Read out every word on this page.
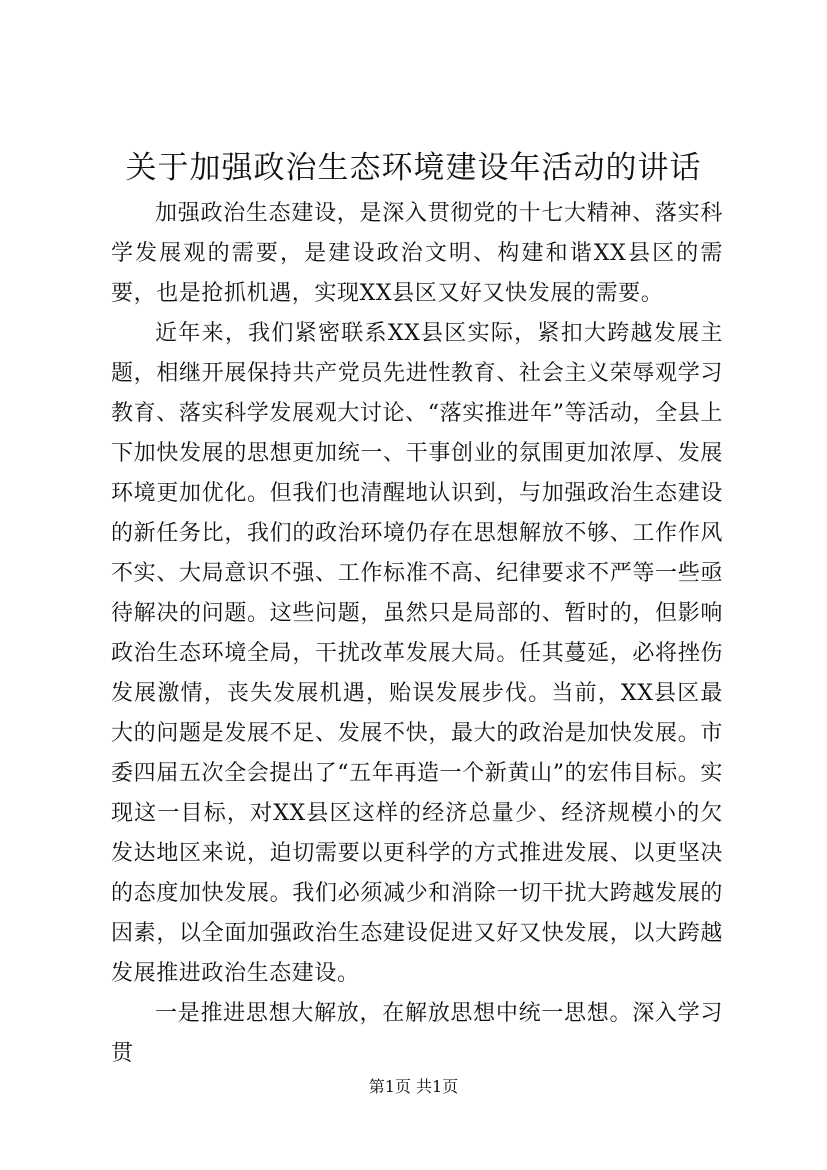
关于加强政治生态环境建设年活动的讲话

加强政治生态建设，是深入贯彻党的十七大精神、落实科学发展观的需要，是建设政治文明、构建和谐XX县区的需要，也是抢抓机遇，实现XX县区又好又快发展的需要。

近年来，我们紧密联系XX县区实际，紧扣大跨越发展主题，相继开展保持共产党员先进性教育、社会主义荣辱观学习教育、落实科学发展观大讨论、“落实推进年”等活动，全县上下加快发展的思想更加统一、干事创业的氛围更加浓厚、发展环境更加优化。但我们也清醒地认识到，与加强政治生态建设的新任务比，我们的政治环境仍存在思想解放不够、工作作风不实、大局意识不强、工作标准不高、纪律要求不严等一些亟待解决的问题。这些问题，虽然只是局部的、暂时的，但影响政治生态环境全局，干扰改革发展大局。任其蔓延，必将挫伤发展激情，丧失发展机遇，贻误发展步伐。当前，XX县区最大的问题是发展不足、发展不快，最大的政治是加快发展。市委四届五次全会提出了“五年再造一个新黄山”的宏伟目标。实现这一目标，对XX县区这样的经济总量少、经济规模小的欠发达地区来说，迫切需要以更科学的方式推进发展、以更坚决的态度加快发展。我们必须减少和消除一切干扰大跨越发展的因素，以全面加强政治生态建设促进又好又快发展，以大跨越发展推进政治生态建设。

一是推进思想大解放，在解放思想中统一思想。深入学习贯

第1页 共1页
